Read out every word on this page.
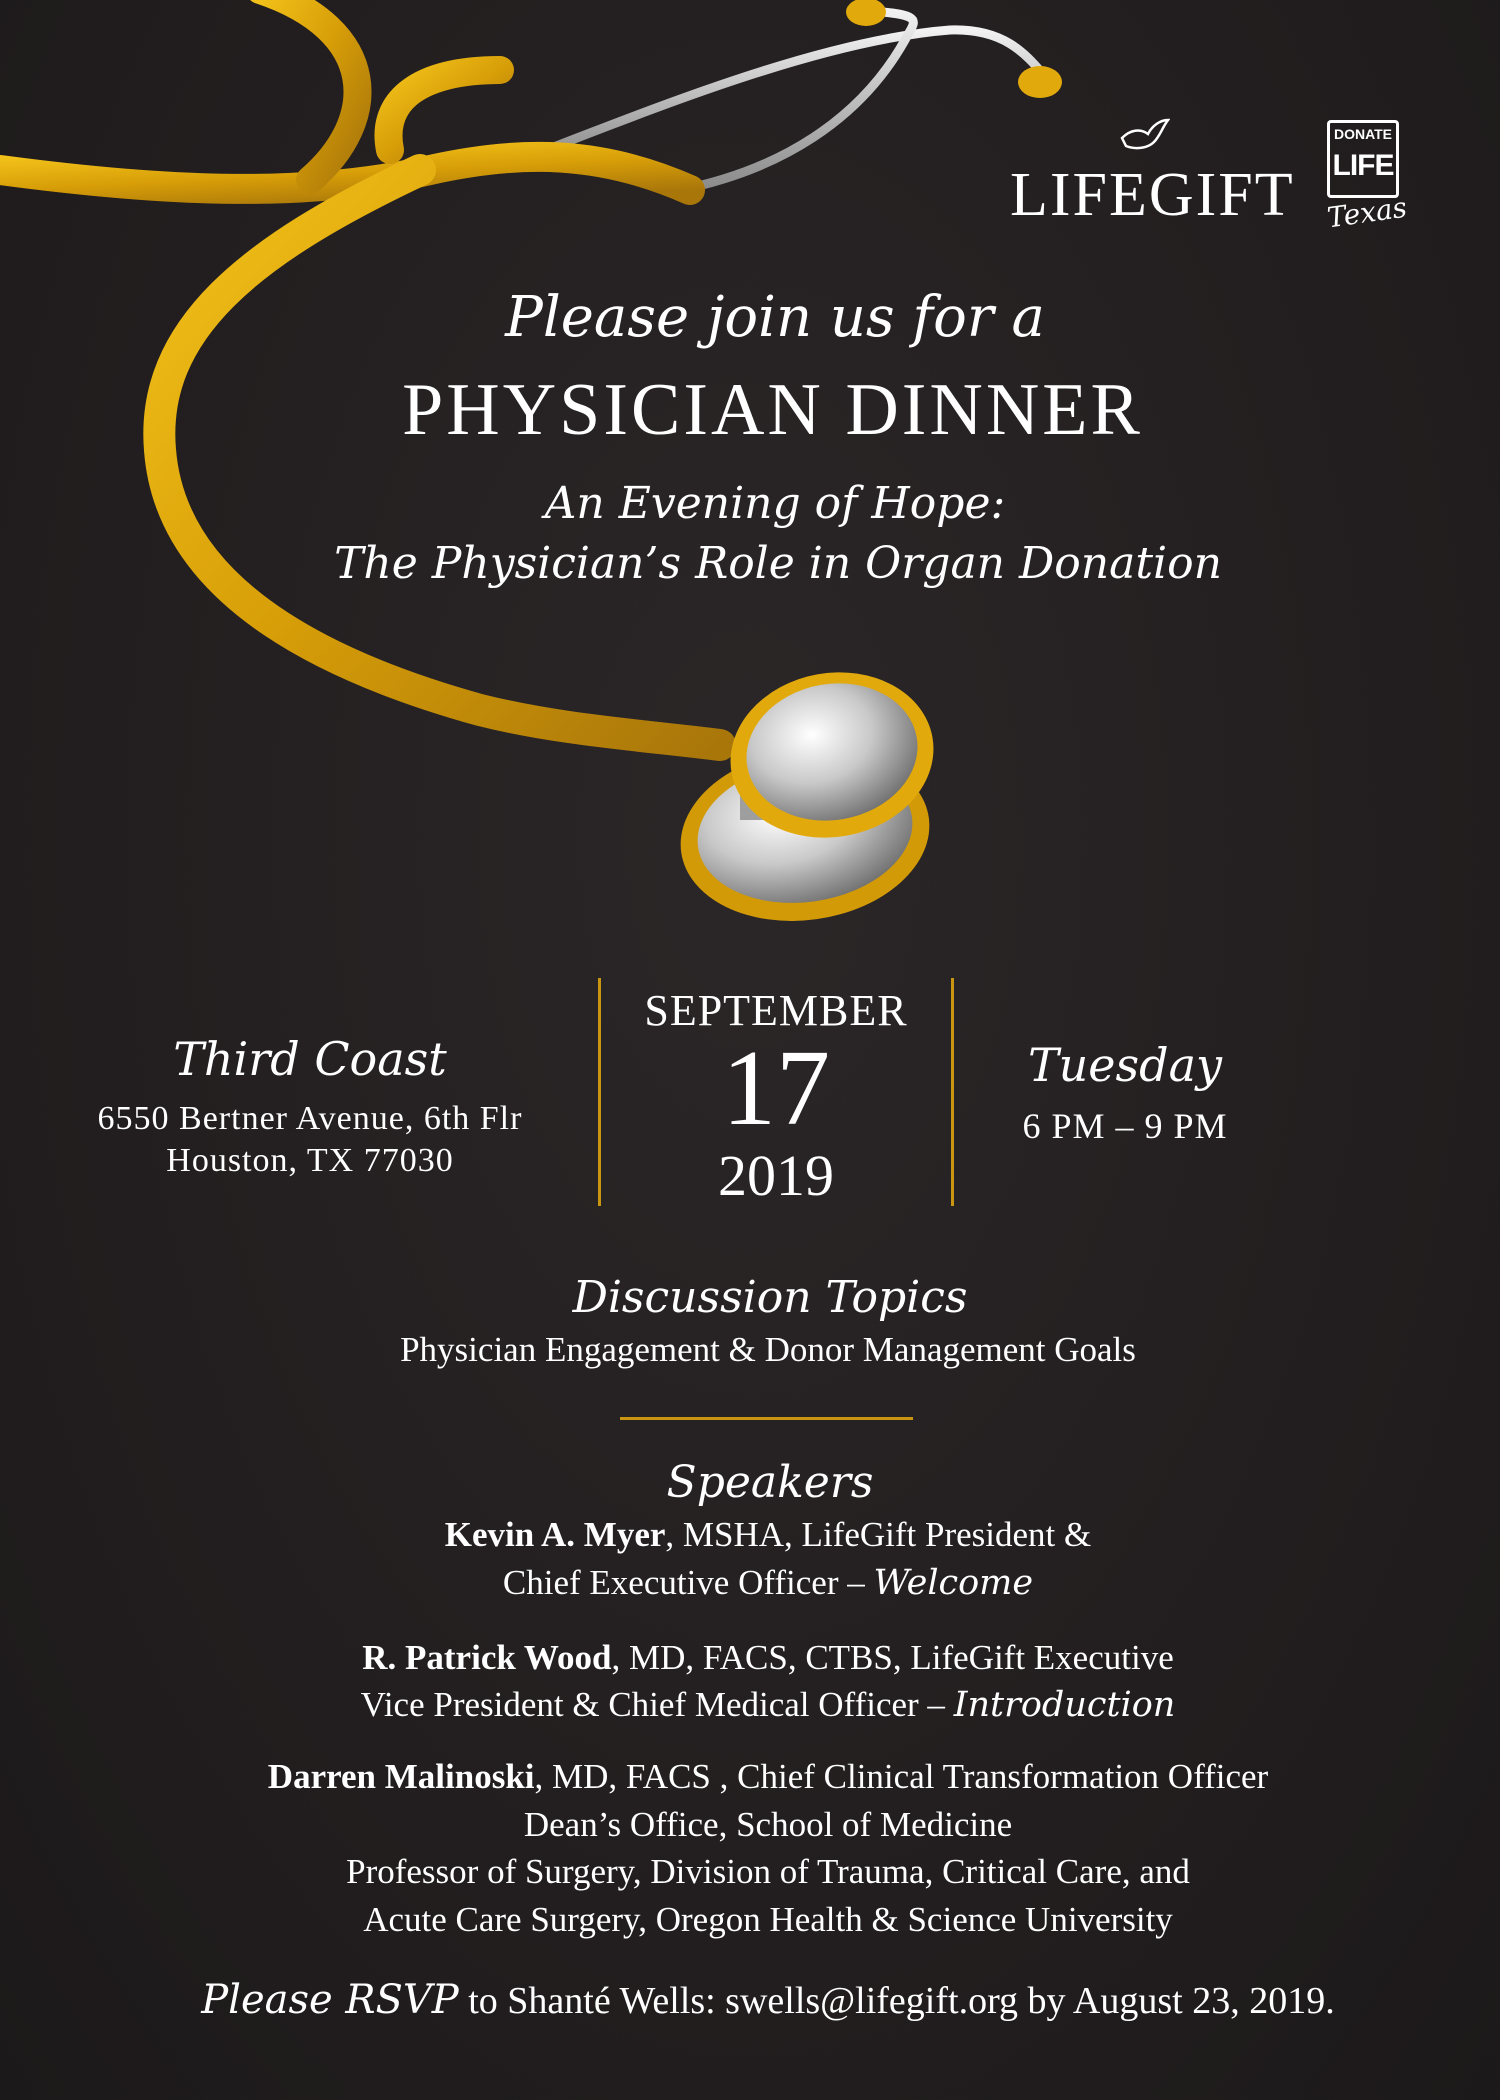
LIFEGIFT
DONATE
LIFE
Texas
Please join us for a
PHYSICIAN DINNER
An Evening of Hope:
The Physician’s Role in Organ Donation
Third Coast
6550 Bertner Avenue, 6th Flr
Houston, TX 77030
SEPTEMBER
17
2019
Tuesday
6 PM – 9 PM
Discussion Topics
Physician Engagement & Donor Management Goals
Speakers
Kevin A. Myer, MSHA, LifeGift President &
Chief Executive Officer – Welcome
R. Patrick Wood, MD, FACS, CTBS, LifeGift Executive
Vice President & Chief Medical Officer – Introduction
Darren Malinoski, MD, FACS , Chief Clinical Transformation Officer
Dean’s Office, School of Medicine
Professor of Surgery, Division of Trauma, Critical Care, and
Acute Care Surgery, Oregon Health & Science University
Please RSVP to Shanté Wells: swells@lifegift.org by August 23, 2019.
